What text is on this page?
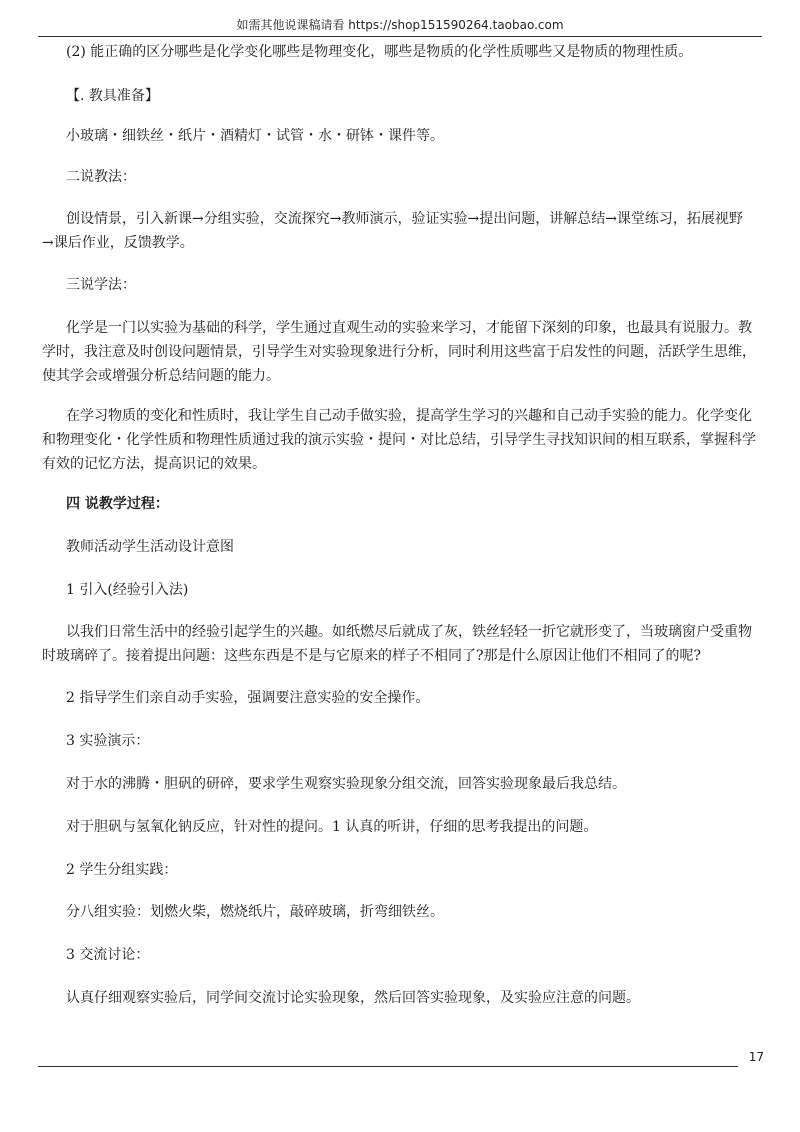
如需其他说课稿请看 https://shop151590264.taobao.com

(2) 能正确的区分哪些是化学变化哪些是物理变化，哪些是物质的化学性质哪些又是物质的物理性质。

【. 教具准备】

小玻璃・细铁丝・纸片・酒精灯・试管・水・研钵・课件等。

二说教法：

创设情景，引入新课→分组实验，交流探究→教师演示，验证实验→提出问题，讲解总结→课堂练习，拓展视野
→课后作业，反馈教学。

三说学法：

化学是一门以实验为基础的科学，学生通过直观生动的实验来学习，才能留下深刻的印象，也最具有说服力。教
学时，我注意及时创设问题情景，引导学生对实验现象进行分析，同时利用这些富于启发性的问题，活跃学生思维，
使其学会或增强分析总结问题的能力。
在学习物质的变化和性质时，我让学生自己动手做实验，提高学生学习的兴趣和自己动手实验的能力。化学变化
和物理变化・化学性质和物理性质通过我的演示实验・提问・对比总结，引导学生寻找知识间的相互联系，掌握科学
有效的记忆方法，提高识记的效果。

四 说教学过程：

教师活动学生活动设计意图

1 引入(经验引入法)

以我们日常生活中的经验引起学生的兴趣。如纸燃尽后就成了灰，铁丝轻轻一折它就形变了，当玻璃窗户受重物
时玻璃碎了。接着提出问题：这些东西是不是与它原来的样子不相同了?那是什么原因让他们不相同了的呢?

2 指导学生们亲自动手实验，强调要注意实验的安全操作。

3 实验演示：

对于水的沸腾・胆矾的研碎，要求学生观察实验现象分组交流，回答实验现象最后我总结。

对于胆矾与氢氧化钠反应，针对性的提问。1 认真的听讲，仔细的思考我提出的问题。

2 学生分组实践：

分八组实验：划燃火柴，燃烧纸片，敲碎玻璃，折弯细铁丝。

3 交流讨论：

认真仔细观察实验后，同学间交流讨论实验现象，然后回答实验现象，及实验应注意的问题。

17
